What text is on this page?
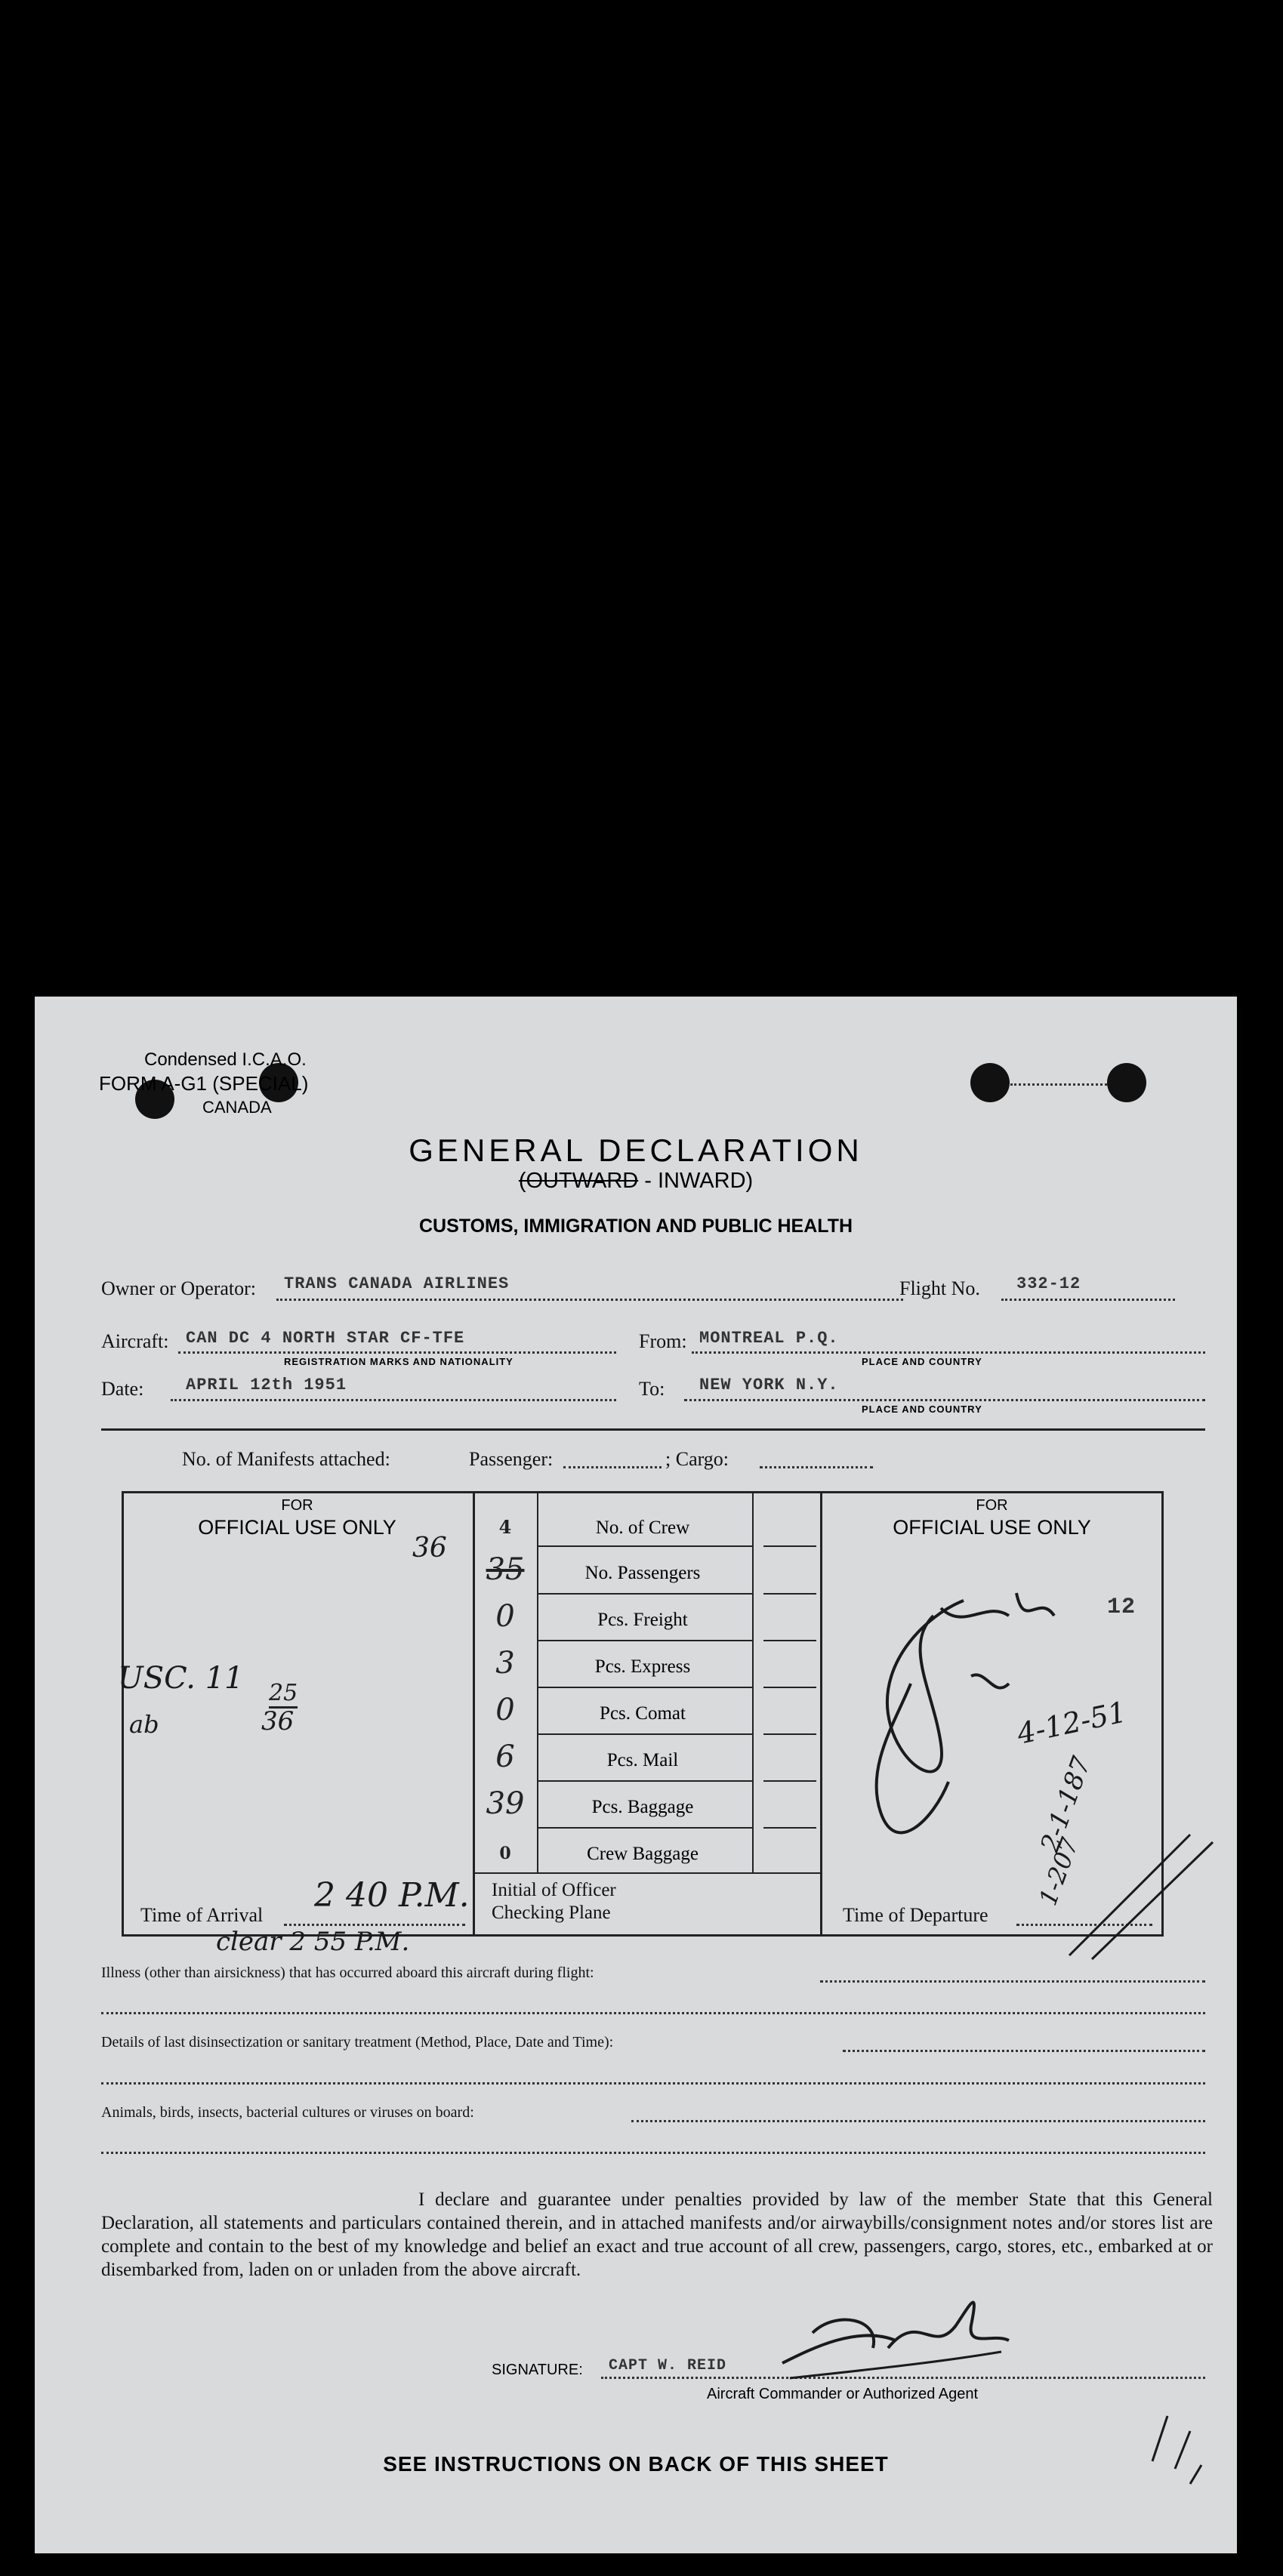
Condensed I.C.A.O.
FORM A-G1 (SPECIAL)
CANADA
GENERAL DECLARATION
(OUTWARD - INWARD)
CUSTOMS, IMMIGRATION AND PUBLIC HEALTH
Owner or Operator: TRANS CANADA AIRLINES	Flight No. 332-12
Aircraft: CAN DC 4 NORTH STAR CF-TFE
REGISTRATION MARKS AND NATIONALITY
From: MONTREAL P.Q.
PLACE AND COUNTRY
Date:	APRIL 12th 1951	To: NEW YORK N.Y.
PLACE AND COUNTRY
No. of Manifests attached:	Passenger:	; Cargo:
FOR
OFFICIAL USE ONLY
FOR
OFFICIAL USE ONLY
12
4	No. of Crew
35	No. Passengers
0	Pcs. Freight
3	Pcs. Express
0	Pcs. Comat
6	Pcs. Mail
39	Pcs. Baggage
0	Crew Baggage
Initial of Officer
Checking Plane
Time of Arrival	Time of Departure
36
USC. 11 25
36
ab
2 40 P.M.
clear 2 55 P.M.
4-12-51
2-1-187
1-207
Illness (other than airsickness) that has occurred aboard this aircraft during flight:
Details of last disinsectization or sanitary treatment (Method, Place, Date and Time):
Animals, birds, insects, bacterial cultures or viruses on board:
I declare and guarantee under penalties provided by law of the member State that this General Declaration, all statements and particulars contained therein, and in attached manifests and/or airwaybills/consignment notes and/or stores list are complete and contain to the best of my knowledge and belief an exact and true account of all crew, passengers, cargo, stores, etc., embarked at or disembarked from, laden on or unladen from the above aircraft.
SIGNATURE: CAPT W. REID
Aircraft Commander or Authorized Agent
SEE INSTRUCTIONS ON BACK OF THIS SHEET
